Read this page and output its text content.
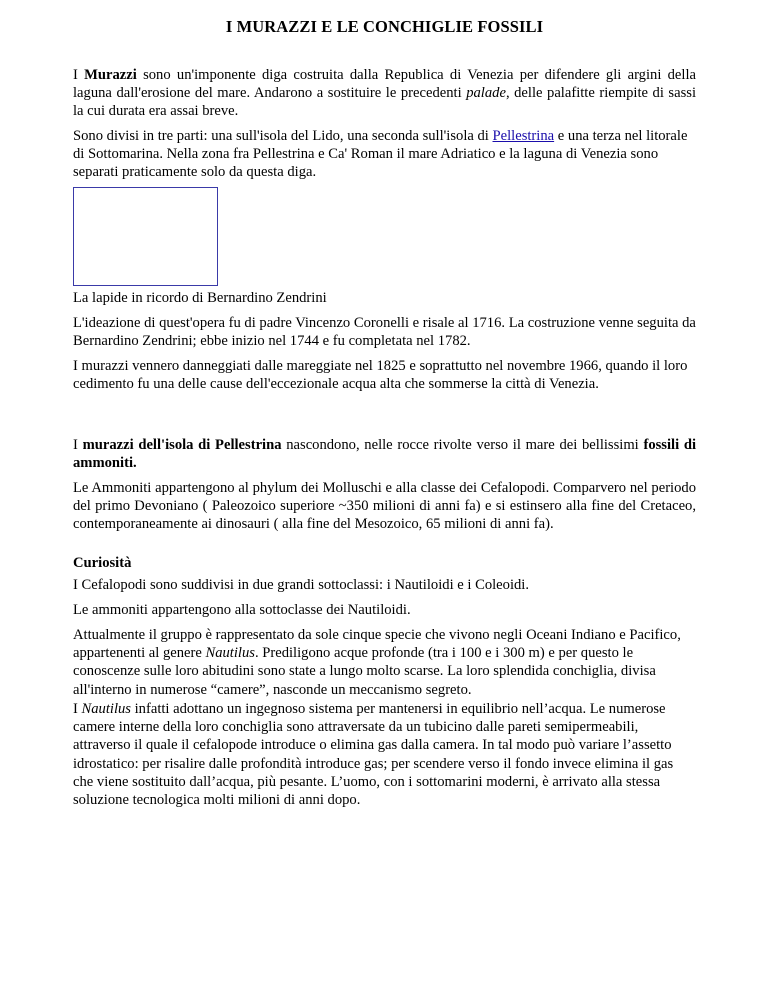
I MURAZZI E LE CONCHIGLIE FOSSILI

I Murazzi sono un'imponente diga costruita dalla Republica di Venezia per difendere gli argini della laguna dall'erosione del mare. Andarono a sostituire le precedenti palade, delle palafitte riempite di sassi la cui durata era assai breve.

Sono divisi in tre parti: una sull'isola del Lido, una seconda sull'isola di Pellestrina e una terza nel litorale di Sottomarina. Nella zona fra Pellestrina e Ca' Roman il mare Adriatico e la laguna di Venezia sono separati praticamente solo da questa diga.

La lapide in ricordo di Bernardino Zendrini

L'ideazione di quest'opera fu di padre Vincenzo Coronelli e risale al 1716. La costruzione venne seguita da Bernardino Zendrini; ebbe inizio nel 1744 e fu completata nel 1782.

I murazzi vennero danneggiati dalle mareggiate nel 1825 e soprattutto nel novembre 1966, quando il loro cedimento fu una delle cause dell'eccezionale acqua alta che sommerse la città di Venezia.

I murazzi dell'isola di Pellestrina nascondono, nelle rocce rivolte verso il mare dei bellissimi fossili di ammoniti.

Le Ammoniti appartengono al phylum dei Molluschi e alla classe dei Cefalopodi. Comparvero nel periodo del primo Devoniano ( Paleozoico superiore ~350 milioni di anni fa) e si estinsero alla fine del Cretaceo, contemporaneamente ai dinosauri ( alla fine del Mesozoico, 65 milioni di anni fa).

Curiosità

I Cefalopodi sono suddivisi in due grandi sottoclassi: i Nautiloidi e i Coleoidi.

Le ammoniti appartengono alla sottoclasse dei Nautiloidi.

Attualmente il gruppo è rappresentato da sole cinque specie che vivono negli Oceani Indiano e Pacifico, appartenenti al genere Nautilus. Prediligono acque profonde (tra i 100 e i 300 m) e per questo le conoscenze sulle loro abitudini sono state a lungo molto scarse. La loro splendida conchiglia, divisa all'interno in numerose “camere”, nasconde un meccanismo segreto.

I Nautilus infatti adottano un ingegnoso sistema per mantenersi in equilibrio nell’acqua. Le numerose camere interne della loro conchiglia sono attraversate da un tubicino dalle pareti semipermeabili, attraverso il quale il cefalopode introduce o elimina gas dalla camera. In tal modo può variare l’assetto idrostatico: per risalire dalle profondità introduce gas; per scendere verso il fondo invece elimina il gas che viene sostituito dall’acqua, più pesante. L’uomo, con i sottomarini moderni, è arrivato alla stessa soluzione tecnologica molti milioni di anni dopo.
